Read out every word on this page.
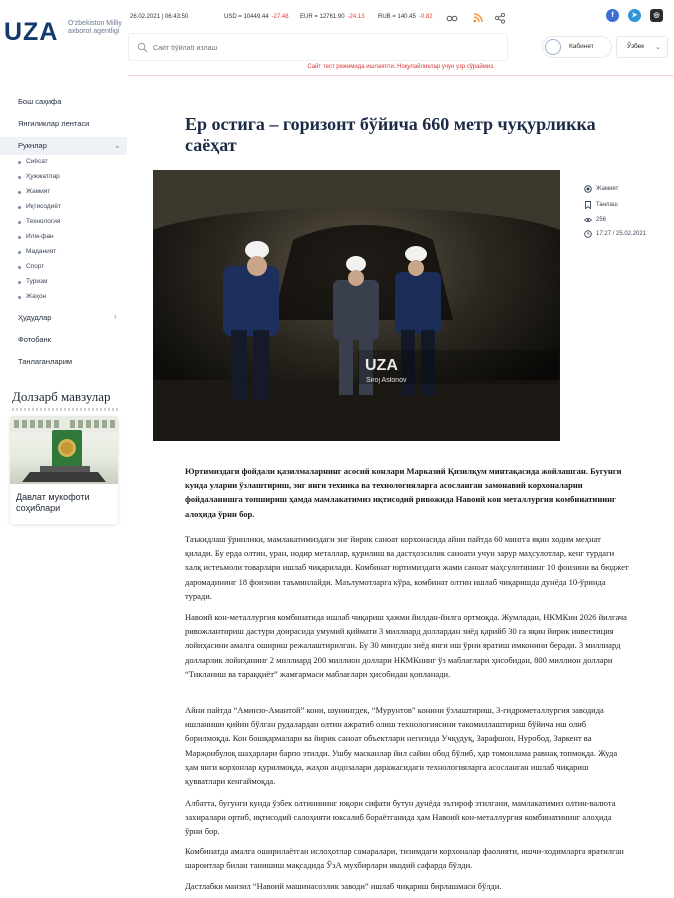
UZA O'zbekiston Milliy axborot agentligi
26.02.2021 | 06:43:50	USD = 10449.44 -27.48 EUR = 12761.90 -24.13 RUB = 140.45 -0.82	f	➤	◎
Сайт бўйлаб излаш
Кабинет	Ўзбек ⌄
Сайт тест режимида ишлаяпти. Ноқулайликлар учун узр сўраймиз.
Бош саҳифа
Янгиликлар лентаси
Рукнлар	⌄
Сиёсат
Ҳужжатлар
Жамият
Иқтисодиёт
Технология
Илм-фан
Маданият
Спорт
Туризм
Жаҳон
Ҳудудлар	›
Фотобанк
Танлаганларим
Долзарб мавзулар
Давлат мукофоти соҳиблари
Ер остига – горизонт бўйича 660 метр чуқурликка саёҳат
UZA
Siroj Aslonov
Жамият
Танлаш
256
17:27 / 25.02.2021

Юртимиздаги фойдали қазилмаларнинг асосий конлари Марказий Қизилқум минтақасида жойлашган. Бугунги кунда уларни ўзлаштириш, энг янги техника ва технологияларга асосланган замонавий корхоналарни фойдаланишга топшириш ҳамда мамлакатимиз иқтисодий ривожида Навоий кон металлургия комбинатининг алоҳида ўрни бор.

Таъкидлаш ўринлики, мамлакатимиздаги энг йирик саноат корхонасида айни пайтда 60 мингга яқин ходим меҳнат қилади. Бу ерда олтин, уран, нодир металлар, қурилиш ва дастҳозсилик саноати учун зарур маҳсулотлар, кенг турдаги халқ истеъмоли товарлари ишлаб чиқарилади. Комбинат юртимиздаги жами саноат маҳсулотининг 10 фоизини ва бюджет даромадининг 18 фоизини таъминлайди. Маълумотларга кўра, комбинат олтин ишлаб чиқаришда дунёда 10-ўринда туради.

Навоий кон-металлургия комбинатида ишлаб чиқариш ҳажми йилдан-йилга ортмоқда. Жумладан, НКМКни 2026 йилгача ривожлантириш дастури доирасида умумий қиймати 3 миллиард доллардан зиёд қарийб 30 га яқин йирик инвестиция лойиҳасини амалга ошириш режалаштирилган. Бу 30 мингдан зиёд янги иш ўрни яратиш имконини беради. 3 миллиард долларлик лойиҳанинг 2 миллиард 200 миллион доллари НКМКнинг ўз маблағлари ҳисобидан, 800 миллион доллари “Тикланиш ва тараққиёт” жамғармаси маблағлари ҳисобидан қопланади.

Айни пайтда “Аминзо-Амантой” кони, шунингдек, “Мурунтов” конини ўзлаштириш, 3-гидрометаллургия заводида ишланиши қийин бўлган рудалардан олтин ажратиб олиш технологиясини такомиллаштириш бўйича иш олиб борилмоқда. Кон бошқармалари ва йирик саноат объектлари негизида Учқудуқ, Зарафшон, Нуробод, Заркент ва Марҗонбулоқ шаҳарлари барпо этилди. Ушбу масканлар йил сайин обод бўлиб, ҳар томонлама равнақ топмоқда. Жуда ҳам янги корхонлар қурилмоқда, жаҳон андозалари даражасидаги технологияларга асосланган ишлаб чиқариш қувватлари кенгаймоқда.

Албатта, бугунги кунда ўзбек олтинининг юқори сифати бутун дунёда эътироф этилгани, мамлакатимиз олтин-валюта захиралари ортиб, иқтисодий салоҳияти юксалиб бораётганида ҳам Навоий кон-металлургия комбинатининг алоҳида ўрни бор.

Комбинатда амалга оширилаётган ислоҳотлар самаралари, тизимдаги корхоналар фаолияти, ишчи-ходимларга яратилган шароитлар билан танишиш мақсадида ЎзА мухбирлари икодий сафарда бўлди.

Дастлабки манзил “Навоий машинасозлик заводи” ишлаб чиқариш бирлашмаси бўлди.
